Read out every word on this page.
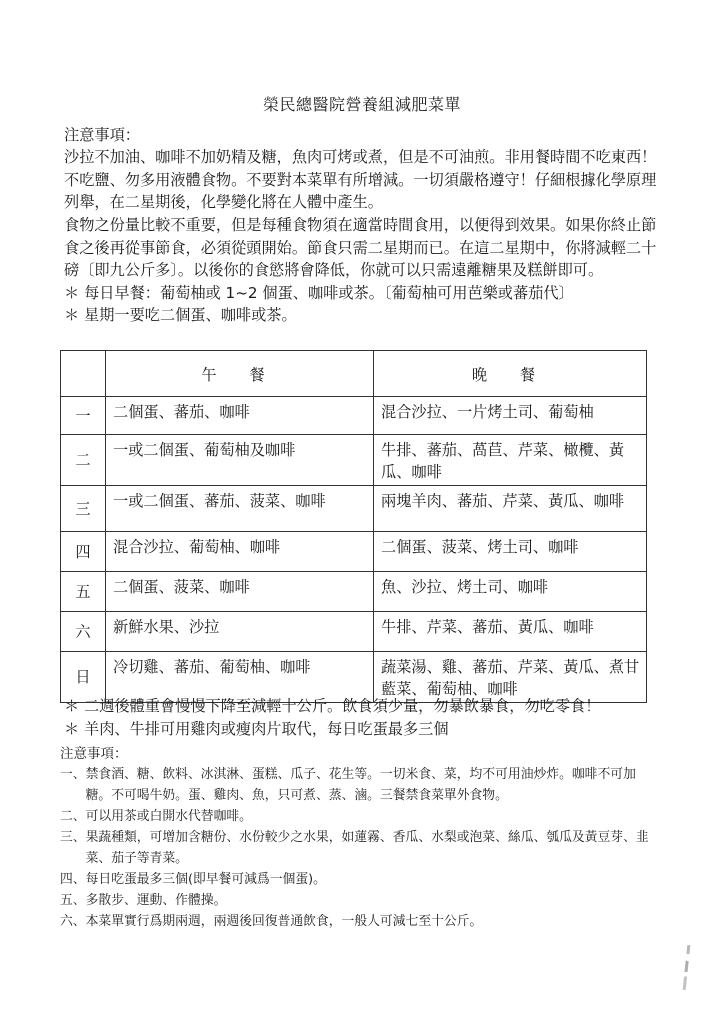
榮民總醫院營養組減肥菜單
注意事項：

沙拉不加油、咖啡不加奶精及糖，魚肉可烤或煮，但是不可油煎。非用餐時間不吃東西！不吃鹽、勿多用液體食物。不要對本菜單有所增減。一切須嚴格遵守！仔細根據化學原理列舉，在二星期後，化學變化將在人體中產生。

食物之份量比較不重要，但是每種食物須在適當時間食用，以便得到效果。如果你終止節食之後再從事節食，必須從頭開始。節食只需二星期而已。在這二星期中，你將減輕二十磅〔即九公斤多〕。以後你的食慾將會降低，你就可以只需遠離糖果及糕餅即可。

＊ 每日早餐：葡萄柚或 1~2 個蛋、咖啡或茶。〔葡萄柚可用芭樂或蕃茄代〕

＊ 星期一要吃二個蛋、咖啡或茶。

	午 餐	晚 餐
一	二個蛋、蕃茄、咖啡	混合沙拉、一片烤土司、葡萄柚
二	一或二個蛋、葡萄柚及咖啡	牛排、蕃茄、萵苣、芹菜、橄欖、黃瓜、咖啡
三	一或二個蛋、蕃茄、菠菜、咖啡	兩塊羊肉、蕃茄、芹菜、黃瓜、咖啡
四	混合沙拉、葡萄柚、咖啡	二個蛋、菠菜、烤土司、咖啡
五	二個蛋、菠菜、咖啡	魚、沙拉、烤土司、咖啡
六	新鮮水果、沙拉	牛排、芹菜、蕃茄、黃瓜、咖啡
日	冷切雞、蕃茄、葡萄柚、咖啡	蔬菜湯、雞、蕃茄、芹菜、黃瓜、煮甘藍菜、葡萄柚、咖啡

＊ 二週後體重會慢慢下降至減輕十公斤。飲食須少量，勿暴飲暴食，勿吃零食！

＊ 羊肉、牛排可用雞肉或瘦肉片取代，每日吃蛋最多三個

注意事項：
一、 禁食酒、糖、飲料、冰淇淋、蛋糕、瓜子、花生等。一切米食、菜，均不可用油炒炸。咖啡不可加糖。不可喝牛奶。蛋、雞肉、魚，只可煮、蒸、滷。三餐禁食菜單外食物。
二、 可以用茶或白開水代替咖啡。
三、 果蔬種類，可增加含糖份、水份較少之水果，如蓮霧、香瓜、水梨或泡菜、絲瓜、瓠瓜及黃豆芽、韭菜、茄子等青菜。
四、 每日吃蛋最多三個(即早餐可減爲一個蛋)。
五、 多散步、運動、作體操。
六、 本菜單實行爲期兩週，兩週後回復普通飲食，一般人可減七至十公斤。
